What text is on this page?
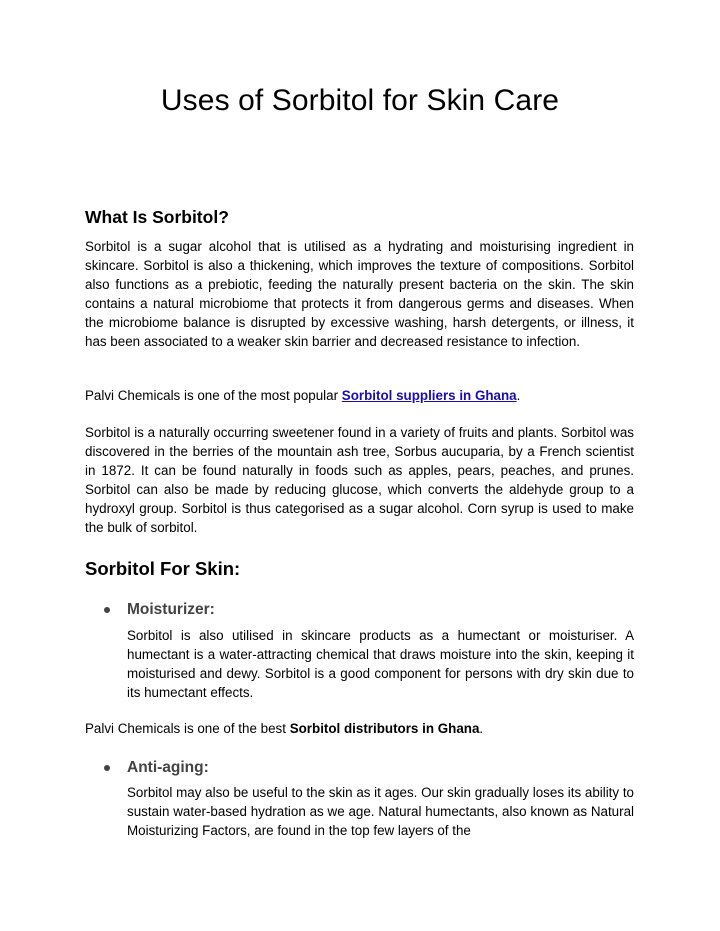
Uses of Sorbitol for Skin Care
What Is Sorbitol?

Sorbitol is a sugar alcohol that is utilised as a hydrating and moisturising ingredient in skincare. Sorbitol is also a thickening, which improves the texture of compositions. Sorbitol also functions as a prebiotic, feeding the naturally present bacteria on the skin. The skin contains a natural microbiome that protects it from dangerous germs and diseases. When the microbiome balance is disrupted by excessive washing, harsh detergents, or illness, it has been associated to a weaker skin barrier and decreased resistance to infection.

Palvi Chemicals is one of the most popular Sorbitol suppliers in Ghana.

Sorbitol is a naturally occurring sweetener found in a variety of fruits and plants. Sorbitol was discovered in the berries of the mountain ash tree, Sorbus aucuparia, by a French scientist in 1872. It can be found naturally in foods such as apples, pears, peaches, and prunes. Sorbitol can also be made by reducing glucose, which converts the aldehyde group to a hydroxyl group. Sorbitol is thus categorised as a sugar alcohol. Corn syrup is used to make the bulk of sorbitol.

Sorbitol For Skin:
Moisturizer:

Sorbitol is also utilised in skincare products as a humectant or moisturiser. A humectant is a water-attracting chemical that draws moisture into the skin, keeping it moisturised and dewy. Sorbitol is a good component for persons with dry skin due to its humectant effects.

Palvi Chemicals is one of the best Sorbitol distributors in Ghana.

Anti-aging:

Sorbitol may also be useful to the skin as it ages. Our skin gradually loses its ability to sustain water-based hydration as we age. Natural humectants, also known as Natural Moisturizing Factors, are found in the top few layers of the
